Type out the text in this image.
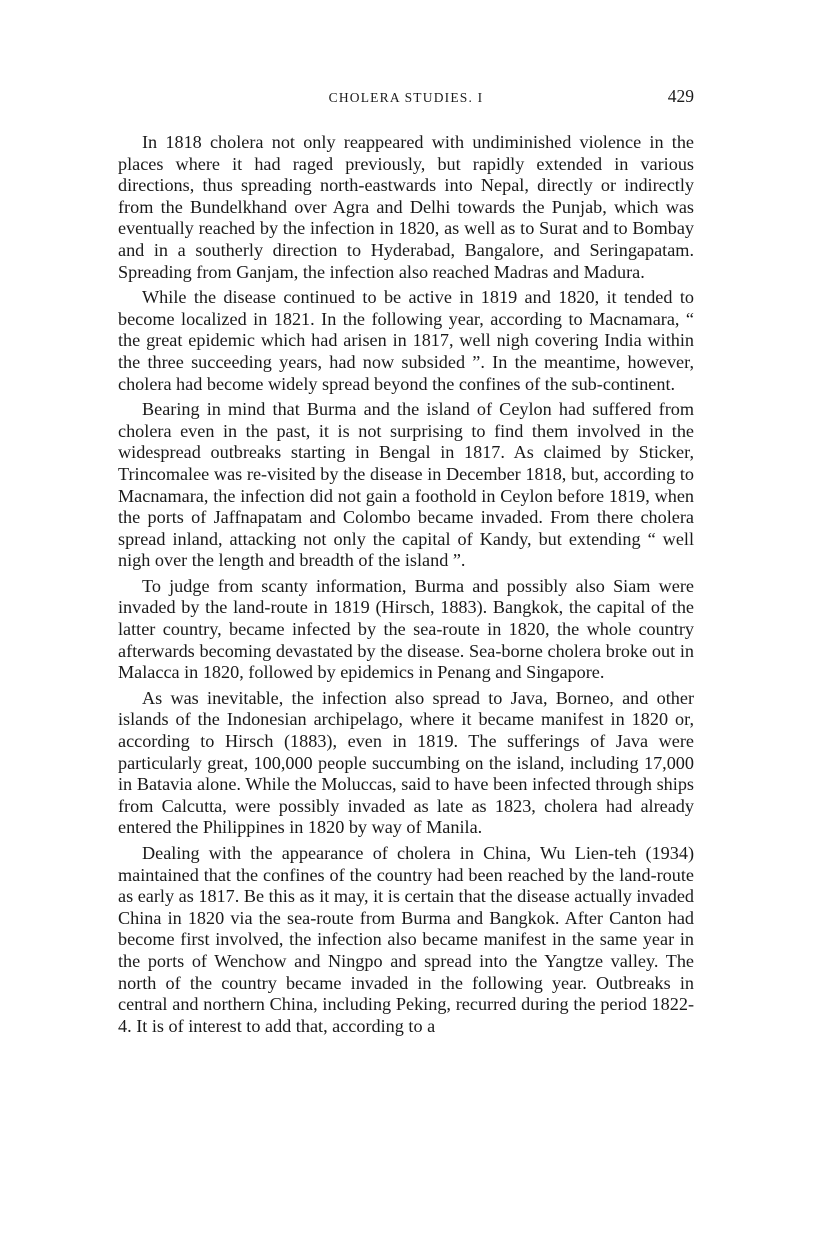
CHOLERA STUDIES. I	429

In 1818 cholera not only reappeared with undiminished violence in the places where it had raged previously, but rapidly extended in various directions, thus spreading north-eastwards into Nepal, directly or indirectly from the Bundelkhand over Agra and Delhi towards the Punjab, which was eventually reached by the infection in 1820, as well as to Surat and to Bombay and in a southerly direction to Hyderabad, Bangalore, and Seringapatam. Spreading from Ganjam, the infection also reached Madras and Madura.

While the disease continued to be active in 1819 and 1820, it tended to become localized in 1821. In the following year, according to Macnamara, “ the great epidemic which had arisen in 1817, well nigh covering India within the three succeeding years, had now subsided ”. In the meantime, however, cholera had become widely spread beyond the confines of the sub-continent.

Bearing in mind that Burma and the island of Ceylon had suffered from cholera even in the past, it is not surprising to find them involved in the widespread outbreaks starting in Bengal in 1817. As claimed by Sticker, Trincomalee was re-visited by the disease in December 1818, but, according to Macnamara, the infection did not gain a foothold in Ceylon before 1819, when the ports of Jaffnapatam and Colombo became invaded. From there cholera spread inland, attacking not only the capital of Kandy, but extending “ well nigh over the length and breadth of the island ”.

To judge from scanty information, Burma and possibly also Siam were invaded by the land-route in 1819 (Hirsch, 1883). Bangkok, the capital of the latter country, became infected by the sea-route in 1820, the whole country afterwards becoming devastated by the disease. Sea-borne cholera broke out in Malacca in 1820, followed by epidemics in Penang and Singapore.

As was inevitable, the infection also spread to Java, Borneo, and other islands of the Indonesian archipelago, where it became manifest in 1820 or, according to Hirsch (1883), even in 1819. The sufferings of Java were particularly great, 100,000 people succumbing on the island, including 17,000 in Batavia alone. While the Moluccas, said to have been infected through ships from Calcutta, were possibly invaded as late as 1823, cholera had already entered the Philippines in 1820 by way of Manila.

Dealing with the appearance of cholera in China, Wu Lien-teh (1934) maintained that the confines of the country had been reached by the land-route as early as 1817. Be this as it may, it is certain that the disease actually invaded China in 1820 via the sea-route from Burma and Bangkok. After Canton had become first involved, the infection also became manifest in the same year in the ports of Wenchow and Ningpo and spread into the Yangtze valley. The north of the country became invaded in the following year. Outbreaks in central and northern China, including Peking, recurred during the period 1822-4. It is of interest to add that, according to a
